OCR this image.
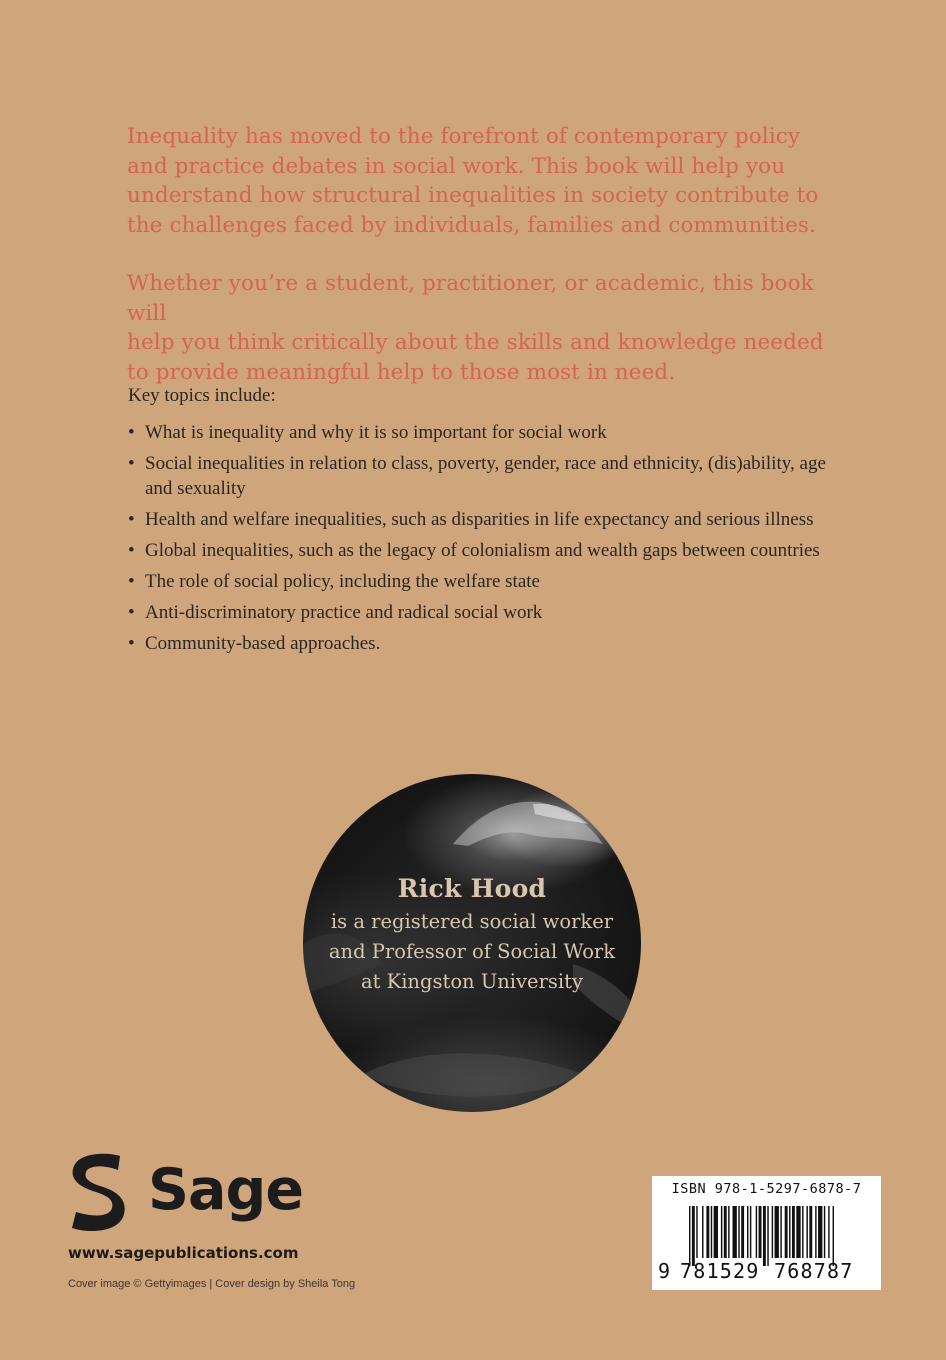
Inequality has moved to the forefront of contemporary policy
and practice debates in social work. This book will help you
understand how structural inequalities in society contribute to
the challenges faced by individuals, families and communities.

Whether you’re a student, practitioner, or academic, this book will
help you think critically about the skills and knowledge needed
to provide meaningful help to those most in need.

Key topics include:

• What is inequality and why it is so important for social work
• Social inequalities in relation to class, poverty, gender, race and ethnicity, (dis)ability, age and sexuality
• Health and welfare inequalities, such as disparities in life expectancy and serious illness
• Global inequalities, such as the legacy of colonialism and wealth gaps between countries
• The role of social policy, including the welfare state
• Anti-discriminatory practice and radical social work
• Community-based approaches.
Rick Hood
is a registered social worker
and Professor of Social Work
at Kingston University
Sage
www.sagepublications.com
Cover image © Gettyimages | Cover design by Sheila Tong
ISBN 978-1-5297-6878-7
9 781529 768787
